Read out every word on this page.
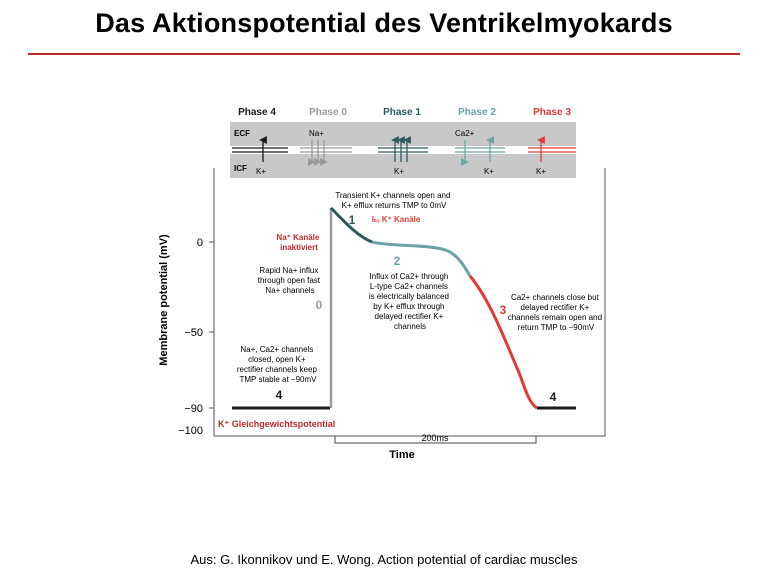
Das Aktionspotential des Ventrikelmyokards
Phase 4	Phase 0	Phase 1	Phase 2	Phase 3
ECF
ICF K+
Na+
K+
Ca2+
K+	K+
0
−50
−90
−100
Membrane potential (mV)
Time
200ms
4
0
1
2
3
4
Transient K+ channels open and K+ efflux returns TMP to 0mV
Iₜₒ K⁺ Kanäle
Na⁺ Kanäle inaktiviert
Rapid Na+ influx through open fast Na+ channels
Influx of Ca2+ through L-type Ca2+ channels is electrically balanced by K+ efflux through delayed rectifier K+ channels
Ca2+ channels close but delayed rectifier K+ channels remain open and return TMP to −90mV
Na+, Ca2+ channels closed, open K+ rectifier channels keep TMP stable at −90mV
K⁺ Gleichgewichtspotential
Aus: G. Ikonnikov und E. Wong. Action potential of cardiac muscles
